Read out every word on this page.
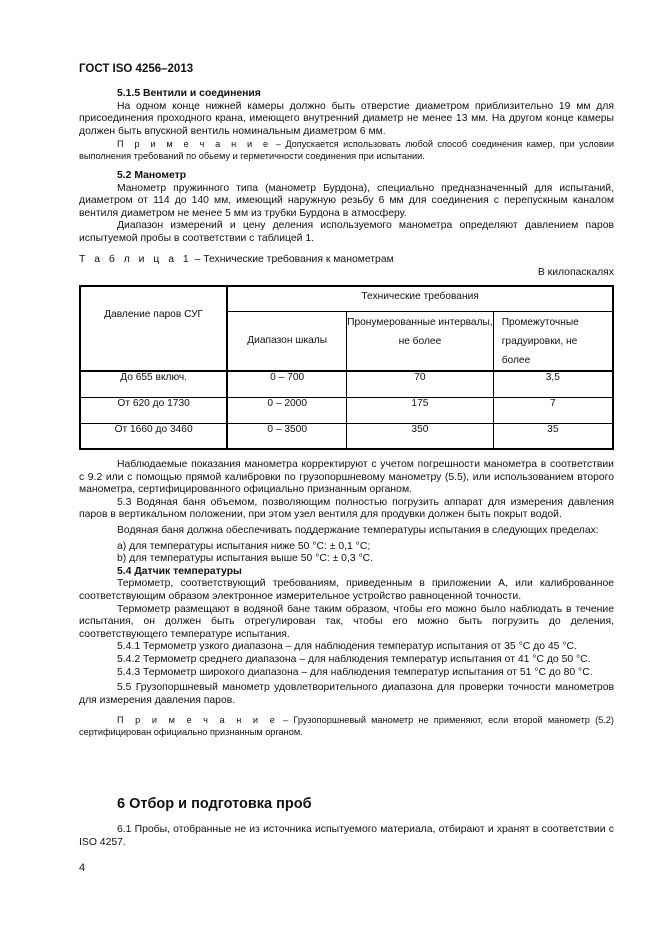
ГОСТ ISO 4256–2013

5.1.5 Вентили и соединения

На одном конце нижней камеры должно быть отверстие диаметром приблизительно 19 мм для присоединения проходного крана, имеющего внутренний диаметр не менее 13 мм. На другом конце камеры должен быть впускной вентиль номинальным диаметром 6 мм.

П р и м е ч а н и е – Допускается использовать любой способ соединения камер, при условии выполнения требований по обьему и герметичности соединения при испытании.

5.2 Манометр

Манометр пружинного типа (манометр Бурдона), специально предназначенный для испытаний, диаметром от 114 до 140 мм, имеющий наружную резьбу 6 мм для соединения с перепускным каналом вентиля диаметром не менее 5 мм из трубки Бурдона в атмосферу.

Диапазон измерений и цену деления используемого манометра определяют давлением паров испытуемой пробы в соответствии с таблицей 1.

Т а б л и ц а 1 – Технические требования к манометрам

В килопаскалях
Давление паров СУГ	Технические требования		
	Диапазон шкалы	Пронумерованные интервалы, не более	Промежуточные градуировки, не более
До 655 включ.	0 – 700	70	3,5
От 620 до 1730	0 – 2000	175	7
От 1660 до 3460	0 – 3500	350	35

Наблюдаемые показания манометра корректируют с учетом погрешности манометра в соответствии с 9.2 или с помощью прямой калибровки по грузопоршневому манометру (5.5), или использованием второго манометра, сертифицированного официально признанным органом.

5.3 Водяная баня объемом, позволяющим полностью погрузить аппарат для измерения давления паров в вертикальном положении, при этом узел вентиля для продувки должен быть покрыт водой.

Водяная баня должна обеспечивать поддержание температуры испытания в следующих пределах:

a) для температуры испытания ниже 50 °C: ± 0,1 °C;

b) для температуры испытания выше 50 °C: ± 0,3 °C.

5.4 Датчик температуры

Термометр, соответствующий требованиям, приведенным в приложении А, или калиброванное соответствующим образом электронное измерительное устройство равноценной точности.

Термометр размещают в водяной бане таким образом, чтобы его можно было наблюдать в течение испытания, он должен быть отрегулирован так, чтобы его можно быть погрузить до деления, соответствующего температуре испытания.

5.4.1 Термометр узкого диапазона – для наблюдения температур испытания от 35 °C до 45 °C.

5.4.2 Термометр среднего диапазона – для наблюдения температур испытания от 41 °C до 50 °C.

5.4.3 Термометр широкого диапазона – для наблюдения температур испытания от 51 °C до 80 °C.

5.5 Грузопоршневый манометр удовлетворительного диапазона для проверки точности манометров для измерения давления паров.

П р и м е ч а н и е – Грузопоршневый манометр не применяют, если второй манометр (5.2) сертифицирован официально признанным органом.

6 Отбор и подготовка проб

6.1 Пробы, отобранные не из источника испытуемого материала, отбирают и хранят в соответствии с ISO 4257.

4
